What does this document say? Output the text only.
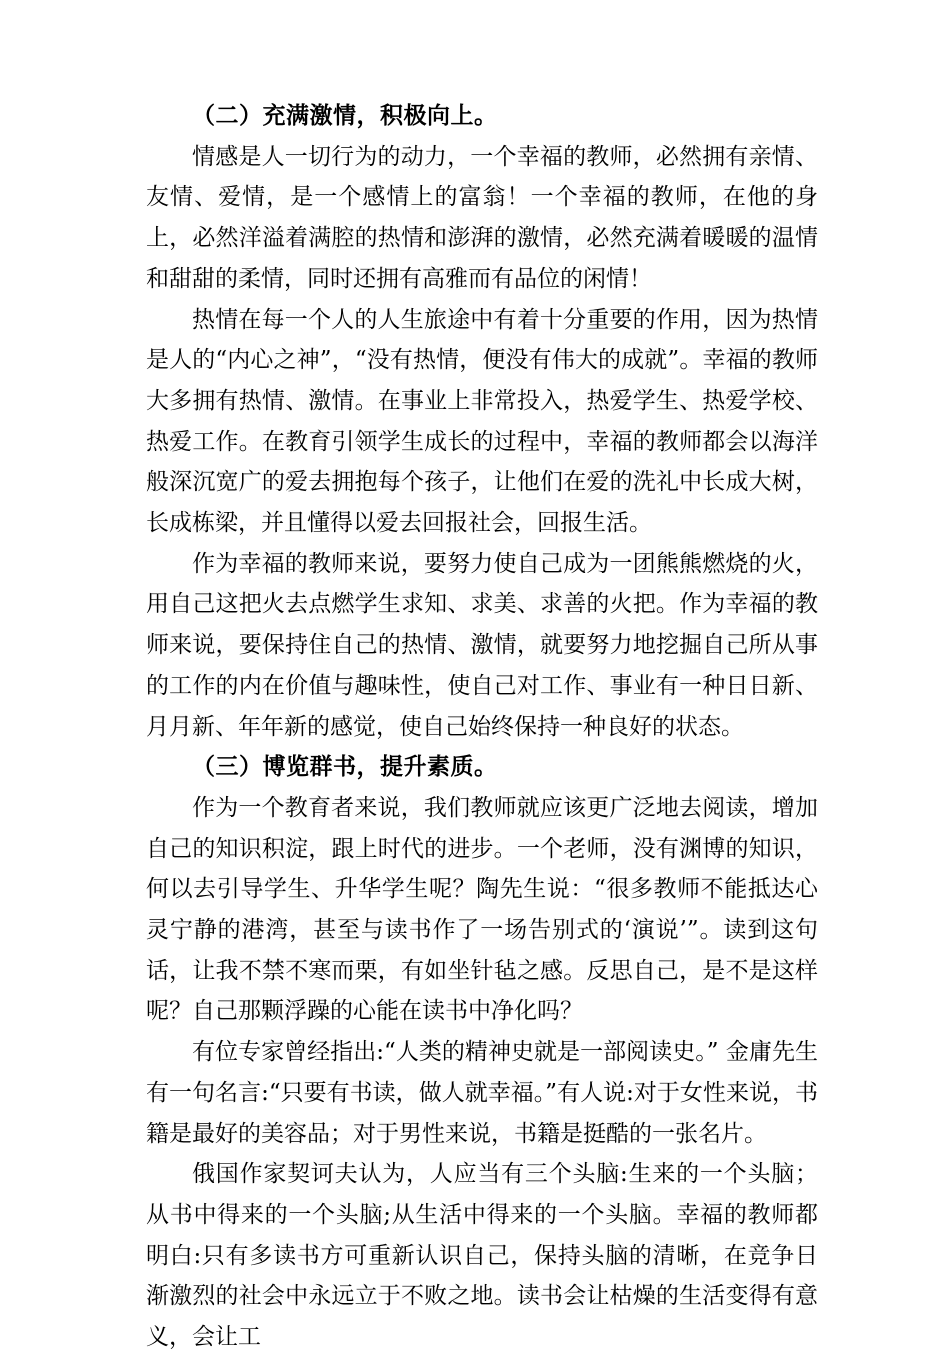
（二）充满激情，积极向上。

情感是人一切行为的动力，一个幸福的教师，必然拥有亲情、友情、爱情，是一个感情上的富翁！一个幸福的教师，在他的身上，必然洋溢着满腔的热情和澎湃的激情，必然充满着暖暖的温情和甜甜的柔情，同时还拥有高雅而有品位的闲情！

热情在每一个人的人生旅途中有着十分重要的作用，因为热情是人的“内心之神”，“没有热情，便没有伟大的成就”。幸福的教师大多拥有热情、激情。在事业上非常投入，热爱学生、热爱学校、热爱工作。在教育引领学生成长的过程中，幸福的教师都会以海洋般深沉宽广的爱去拥抱每个孩子，让他们在爱的洗礼中长成大树，长成栋梁，并且懂得以爱去回报社会，回报生活。

作为幸福的教师来说，要努力使自己成为一团熊熊燃烧的火，用自己这把火去点燃学生求知、求美、求善的火把。作为幸福的教师来说，要保持住自己的热情、激情，就要努力地挖掘自己所从事的工作的内在价值与趣味性，使自己对工作、事业有一种日日新、月月新、年年新的感觉，使自己始终保持一种良好的状态。

（三）博览群书，提升素质。

作为一个教育者来说，我们教师就应该更广泛地去阅读，增加自己的知识积淀，跟上时代的进步。一个老师，没有渊博的知识，何以去引导学生、升华学生呢？陶先生说：“很多教师不能抵达心灵宁静的港湾，甚至与读书作了一场告别式的‘演说’”。读到这句话，让我不禁不寒而栗，有如坐针毡之感。反思自己，是不是这样呢？自己那颗浮躁的心能在读书中净化吗？

有位专家曾经指出:“人类的精神史就是一部阅读史。” 金庸先生有一句名言:“只要有书读，做人就幸福。”有人说:对于女性来说，书籍是最好的美容品；对于男性来说，书籍是挺酷的一张名片。

俄国作家契诃夫认为，人应当有三个头脑:生来的一个头脑；从书中得来的一个头脑;从生活中得来的一个头脑。幸福的教师都明白:只有多读书方可重新认识自己，保持头脑的清晰，在竞争日渐激烈的社会中永远立于不败之地。读书会让枯燥的生活变得有意义，会让工
